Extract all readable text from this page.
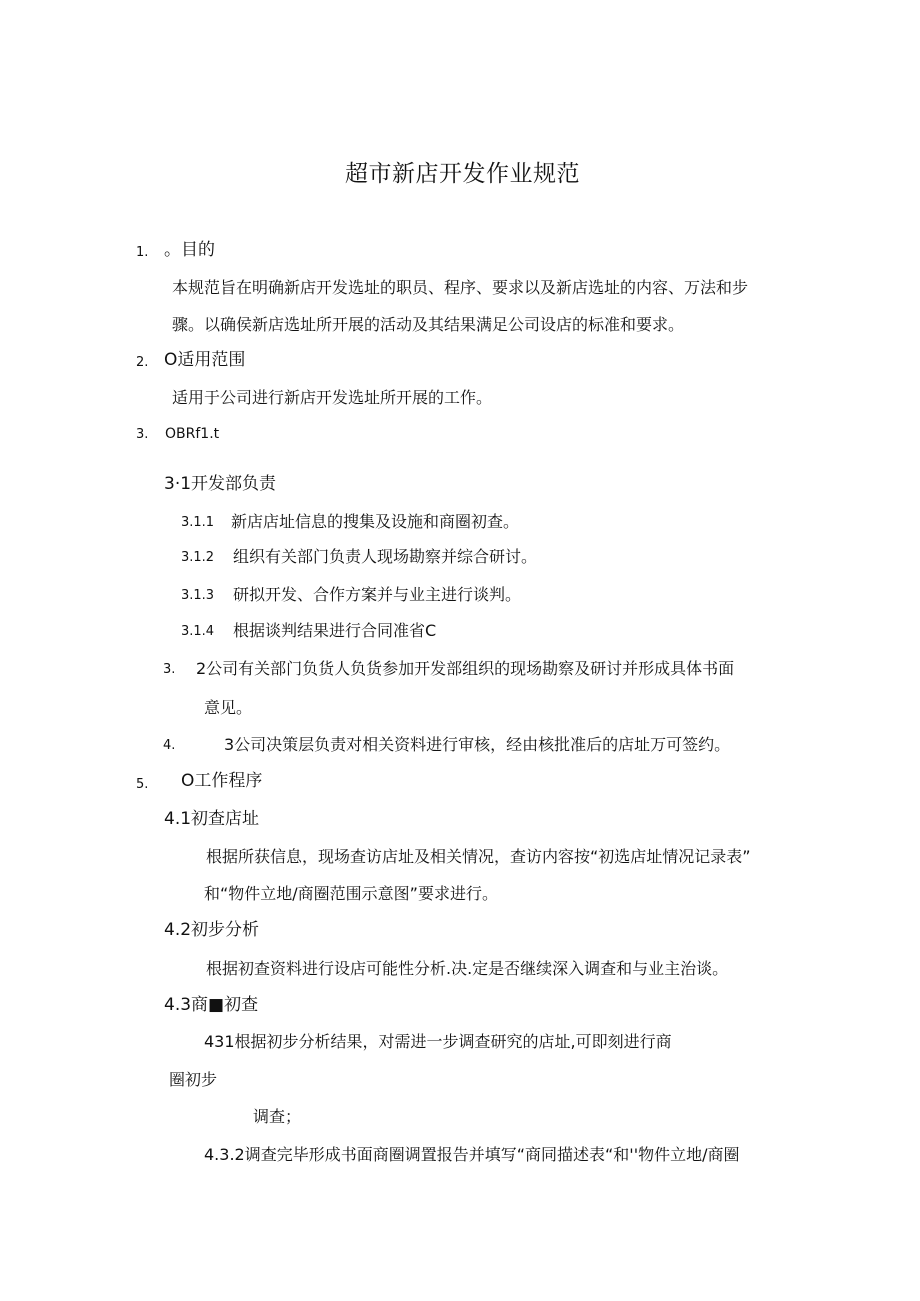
超市新店开发作业规范
1. 。目的
本规范旨在明确新店开发选址的职员、程序、要求以及新店选址的内容、万法和步
骤。以确侯新店选址所开展的活动及其结果满足公司设店的标准和要求。
2. O适用范围
适用于公司进行新店开发选址所开展的工作。
3. OBRf1.t
3·1开发部负责
3.1.1 新店店址信息的搜集及设施和商圈初查。
3.1.2 组织有关部门负责人现场勘察并综合研讨。
3.1.3 研拟开发、合作方案并与业主进行谈判。
3.1.4 根据谈判结果进行合同准省C
3. 2公司有关部门负货人负货参加开发部组织的现场勘察及研讨并形成具体书面
意见。
4.	3公司决策层负责对相关资料进行审核，经由核批准后的店址万可签约。
5. O工作程序
4.1初查店址
根据所获信息，现场查访店址及相关情况，查访内容按“初选店址情况记录表”
和“物件立地/商圈范围示意图”要求进行。
4.2初步分析
根据初查资料进行设店可能性分析.决.定是否继续深入调查和与业主治谈。
4.3商■初查
431根据初步分析结果，对需进一步调查研究的店址,可即刻进行商
圈初步
调查；
4.3.2调查完毕形成书面商圈调置报告并填写“商同描述表“和''物件立地/商圈
